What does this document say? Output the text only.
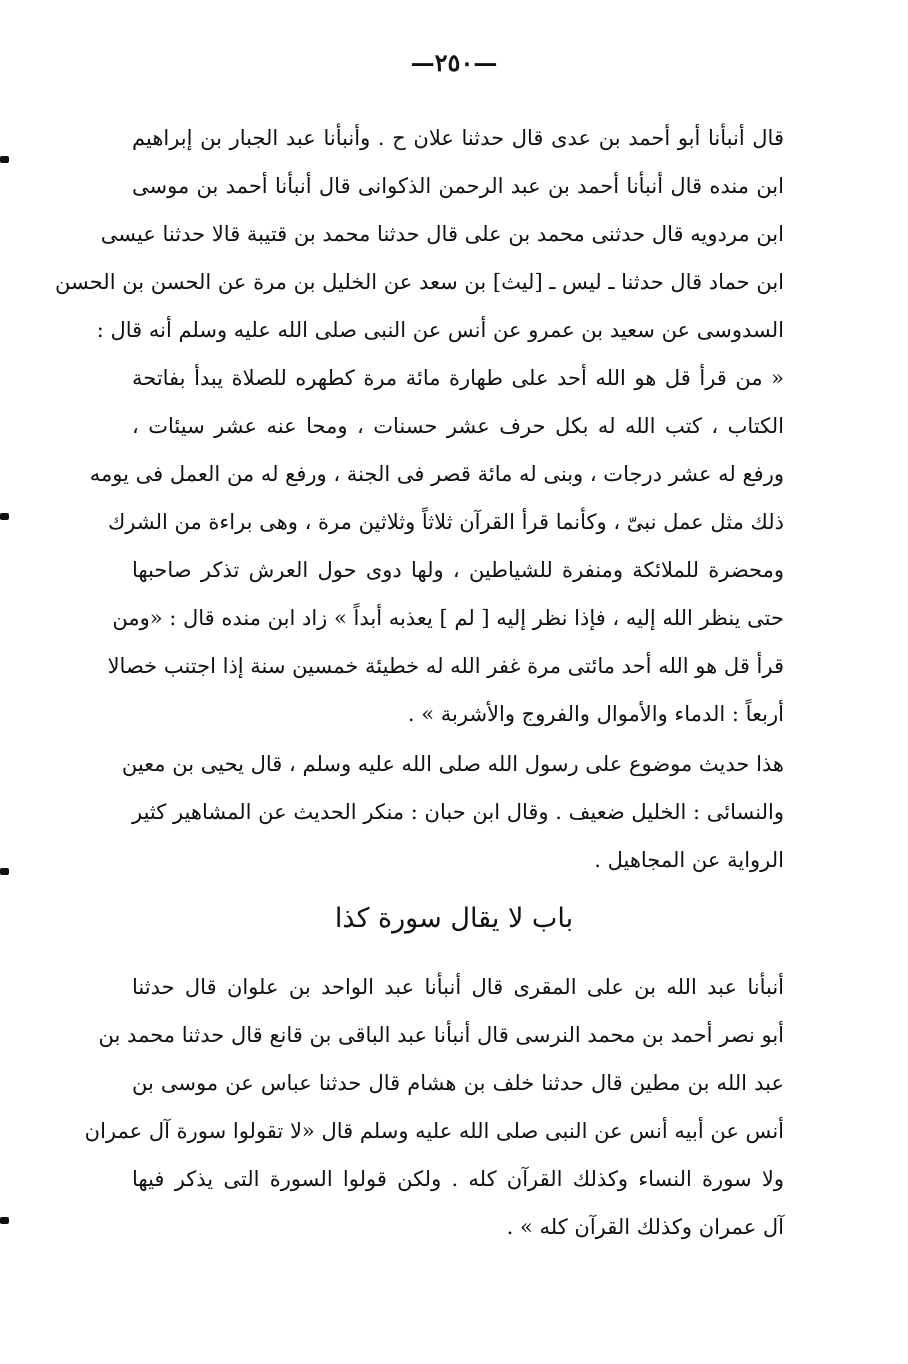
—٢٥٠—
قال أنبأنا أبو أحمد بن عدى قال حدثنا علان ح . وأنبأنا عبد الجبار بن إبراهيم
ابن منده قال أنبأنا أحمد بن عبد الرحمن الذكوانى قال أنبأنا أحمد بن موسى
ابن مردويه قال حدثنى محمد بن على قال حدثنا محمد بن قتيبة قالا حدثنا عيسى
ابن حماد قال حدثنا ـ ليس ـ [ليث] بن سعد عن الخليل بن مرة عن الحسن بن الحسن
السدوسى عن سعيد بن عمرو عن أنس عن النبى صلى الله عليه وسلم أنه قال :
« من قرأ قل هو الله أحد على طهارة مائة مرة كطهره للصلاة يبدأ بفاتحة
الكتاب ، كتب الله له بكل حرف عشر حسنات ، ومحا عنه عشر سيئات ،
ورفع له عشر درجات ، وبنى له مائة قصر فى الجنة ، ورفع له من العمل فى يومه
ذلك مثل عمل نبىّ ، وكأنما قرأ القرآن ثلاثاً وثلاثين مرة ، وهى براءة من الشرك
ومحضرة للملائكة ومنفرة للشياطين ، ولها دوى حول العرش تذكر صاحبها
حتى ينظر الله إليه ، فإذا نظر إليه [ لم ] يعذبه أبداً » زاد ابن منده قال : «ومن
قرأ قل هو الله أحد مائتى مرة غفر الله له خطيئة خمسين سنة إذا اجتنب خصالا
أربعاً : الدماء والأموال والفروج والأشربة » .
هذا حديث موضوع على رسول الله صلى الله عليه وسلم ، قال يحيى بن معين
والنسائى : الخليل ضعيف . وقال ابن حبان : منكر الحديث عن المشاهير كثير
الرواية عن المجاهيل .
باب لا يقال سورة كذا
أنبأنا عبد الله بن على المقرى قال أنبأنا عبد الواحد بن علوان قال حدثنا
أبو نصر أحمد بن محمد النرسى قال أنبأنا عبد الباقى بن قانع قال حدثنا محمد بن
عبد الله بن مطين قال حدثنا خلف بن هشام قال حدثنا عباس عن موسى بن
أنس عن أبيه أنس عن النبى صلى الله عليه وسلم قال «لا تقولوا سورة آل عمران
ولا سورة النساء وكذلك القرآن كله . ولكن قولوا السورة التى يذكر فيها
آل عمران وكذلك القرآن كله » .
